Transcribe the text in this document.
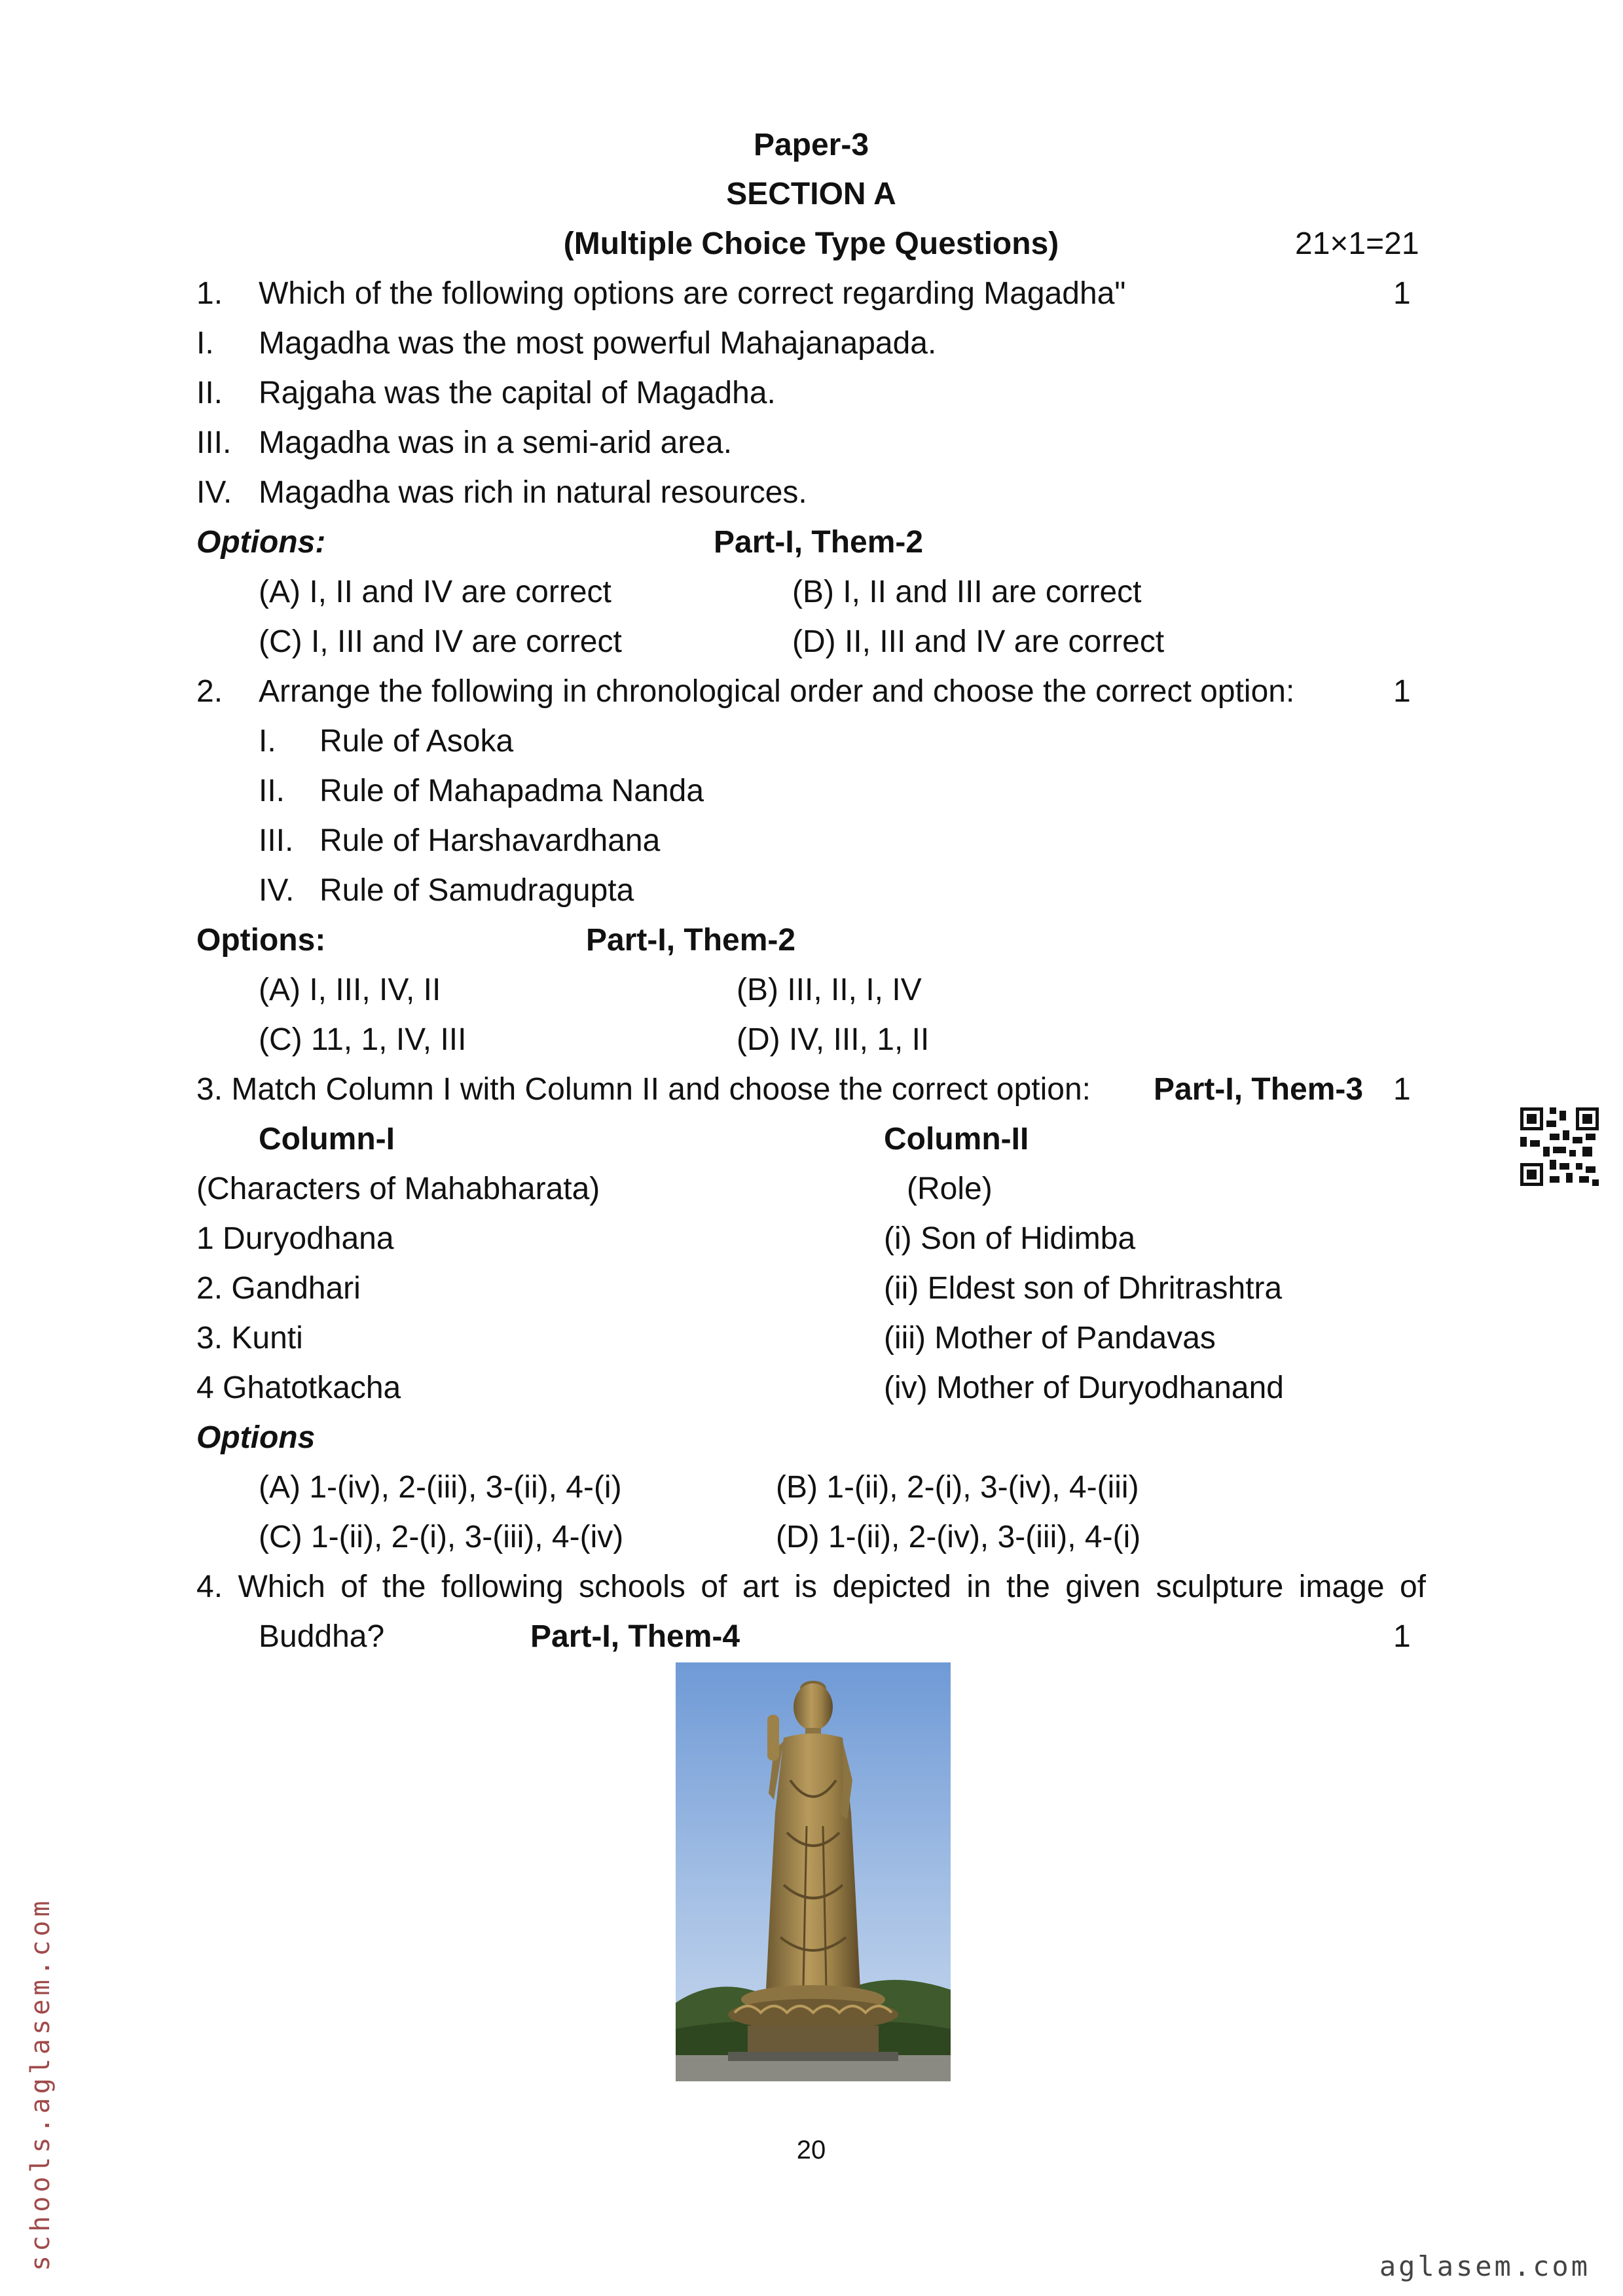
Paper-3
SECTION A
(Multiple Choice Type Questions)	21×1=21
1. Which of the following options are correct regarding Magadha"	1
I. Magadha was the most powerful Mahajanapada.
II. Rajgaha was the capital of Magadha.
III. Magadha was in a semi-arid area.
IV. Magadha was rich in natural resources.
Options:	Part-I, Them-2
(A) I, II and IV are correct	(B) I, II and III are correct
(C) I, III and IV are correct	(D) II, III and IV are correct
2. Arrange the following in chronological order and choose the correct option:	1
I. Rule of Asoka
II. Rule of Mahapadma Nanda
III. Rule of Harshavardhana
IV. Rule of Samudragupta
Options:	Part-I, Them-2
(A) I, III, IV, II	(B) III, II, I, IV
(C) 11, 1, IV, III	(D) IV, III, 1, II
3. Match Column I with Column II and choose the correct option: Part-I, Them-3 1
Column-I	Column-II
(Characters of Mahabharata)	(Role)
1 Duryodhana	(i) Son of Hidimba
2. Gandhari	(ii) Eldest son of Dhritrashtra
3. Kunti	(iii) Mother of Pandavas
4 Ghatotkacha	(iv) Mother of Duryodhanand
Options
(A) 1-(iv), 2-(iii), 3-(ii), 4-(i)	(B) 1-(ii), 2-(i), 3-(iv), 4-(iii)
(C) 1-(ii), 2-(i), 3-(iii), 4-(iv)	(D) 1-(ii), 2-(iv), 3-(iii), 4-(i)
4. Which of the following schools of art is depicted in the given sculpture image of
Buddha?	Part-I, Them-4	1
20
schools.aglasem.com	aglasem.com
